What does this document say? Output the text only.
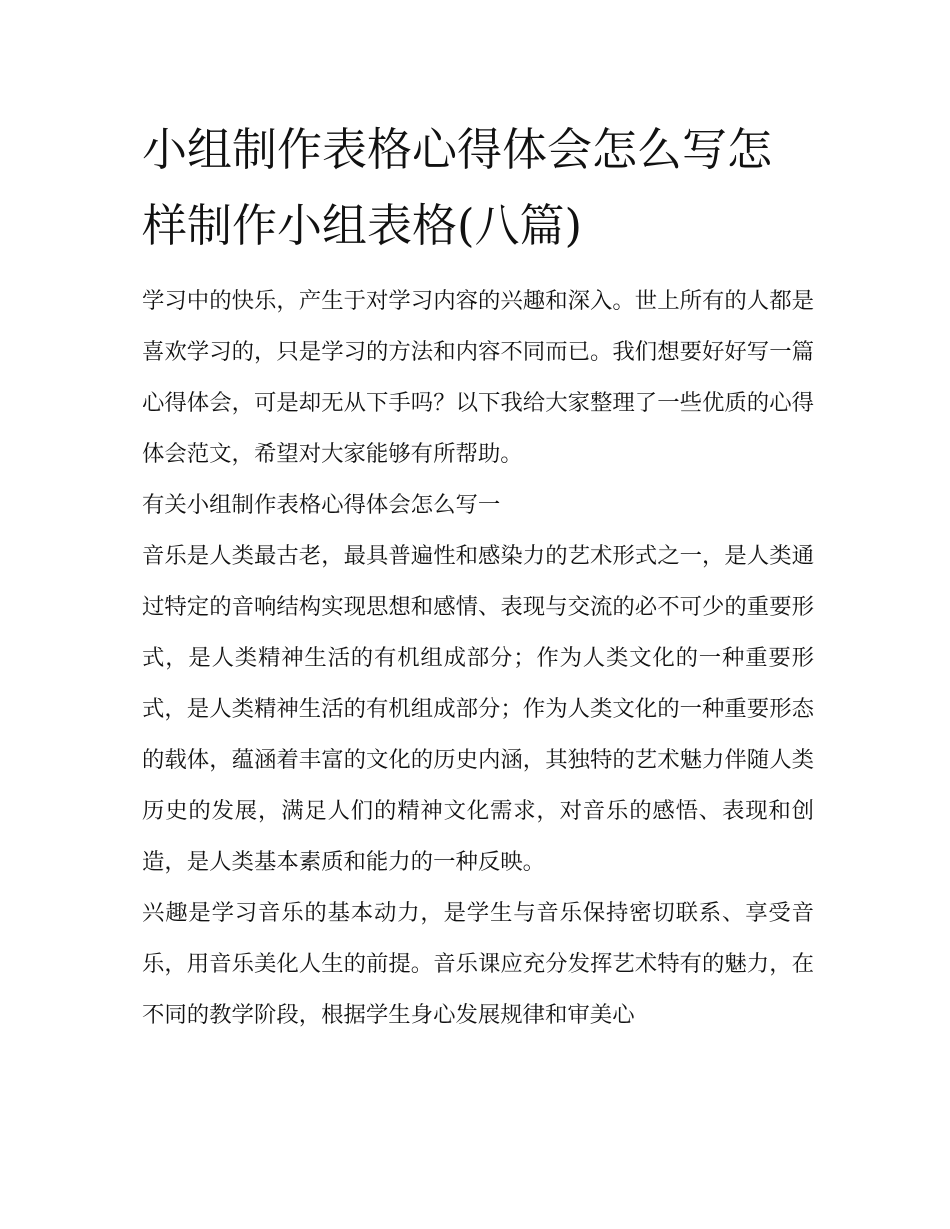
小组制作表格心得体会怎么写怎样制作小组表格(八篇)

学习中的快乐，产生于对学习内容的兴趣和深入。世上所有的人都是喜欢学习的，只是学习的方法和内容不同而已。我们想要好好写一篇心得体会，可是却无从下手吗？以下我给大家整理了一些优质的心得体会范文，希望对大家能够有所帮助。

有关小组制作表格心得体会怎么写一

音乐是人类最古老，最具普遍性和感染力的艺术形式之一，是人类通过特定的音响结构实现思想和感情、表现与交流的必不可少的重要形式，是人类精神生活的有机组成部分；作为人类文化的一种重要形式，是人类精神生活的有机组成部分；作为人类文化的一种重要形态的载体，蕴涵着丰富的文化的历史内涵，其独特的艺术魅力伴随人类历史的发展，满足人们的精神文化需求，对音乐的感悟、表现和创造，是人类基本素质和能力的一种反映。

兴趣是学习音乐的基本动力，是学生与音乐保持密切联系、享受音乐，用音乐美化人生的前提。音乐课应充分发挥艺术特有的魅力，在不同的教学阶段，根据学生身心发展规律和审美心
